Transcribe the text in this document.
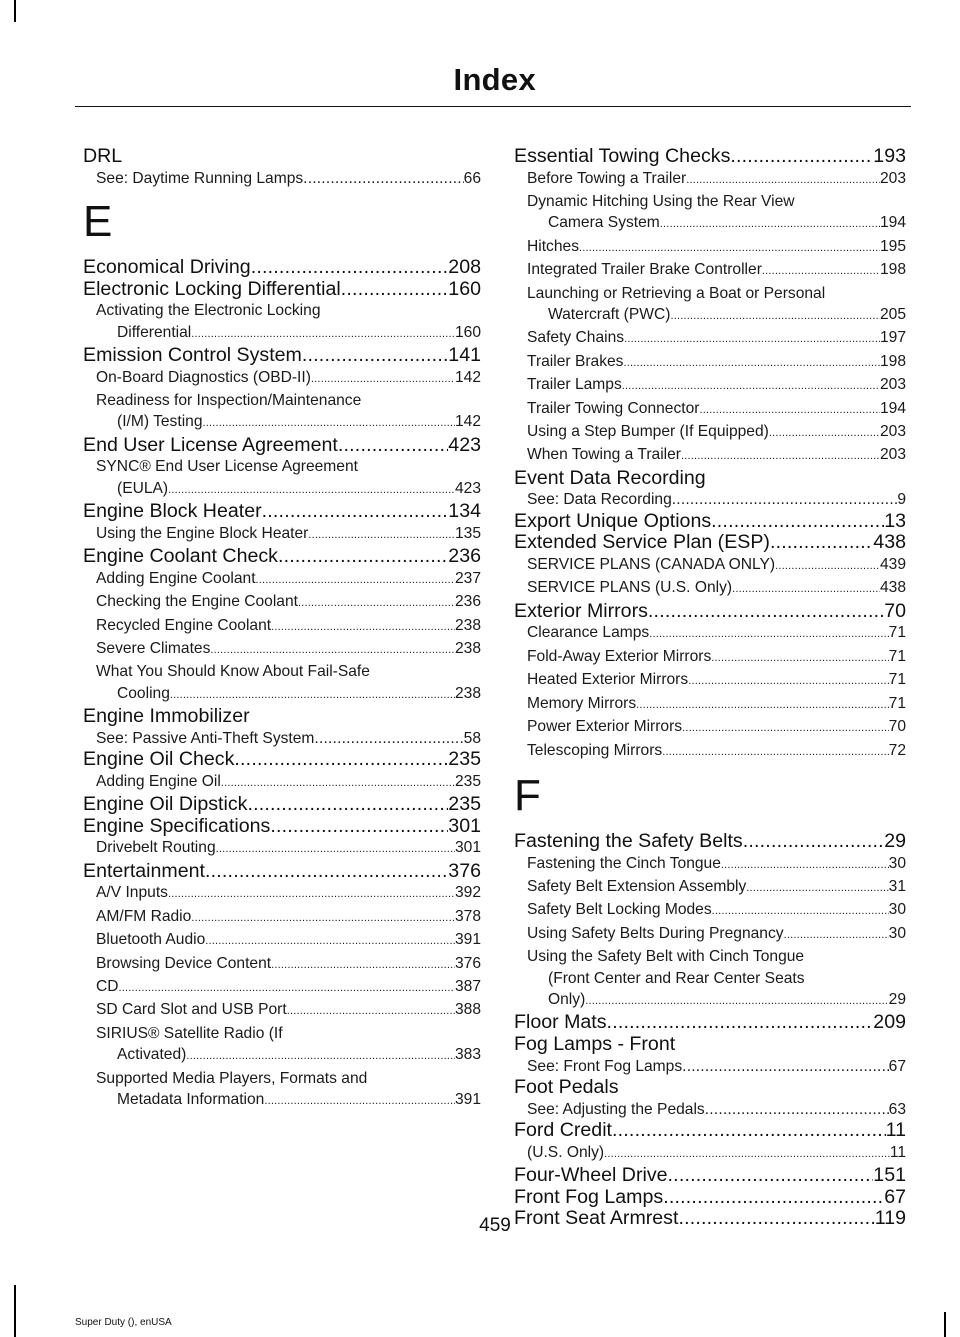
Index
DRL
See: Daytime Running Lamps .....	66
E
Economical Driving .....	208
Electronic Locking Differential .....	160
Activating the Electronic Locking
Differential .....	160
Emission Control System .....	141
On-Board Diagnostics (OBD-II) .....	142
Readiness for Inspection/Maintenance
(I/M) Testing .....	142
End User License Agreement .....	423
SYNC® End User License Agreement
(EULA) .....	423
Engine Block Heater .....	134
Using the Engine Block Heater .....	135
Engine Coolant Check .....	236
Adding Engine Coolant .....	237
Checking the Engine Coolant .....	236
Recycled Engine Coolant .....	238
Severe Climates .....	238
What You Should Know About Fail-Safe
Cooling .....	238
Engine Immobilizer
See: Passive Anti-Theft System .....	58
Engine Oil Check .....	235
Adding Engine Oil .....	235
Engine Oil Dipstick .....	235
Engine Specifications .....	301
Drivebelt Routing .....	301
Entertainment .....	376
A/V Inputs .....	392
AM/FM Radio .....	378
Bluetooth Audio .....	391
Browsing Device Content .....	376
CD .....	387
SD Card Slot and USB Port .....	388
SIRIUS® Satellite Radio (If
Activated) .....	383
Supported Media Players, Formats and
Metadata Information .....	391
Essential Towing Checks .....	193
Before Towing a Trailer .....	203
Dynamic Hitching Using the Rear View
Camera System .....	194
Hitches .....	195
Integrated Trailer Brake Controller .....	198
Launching or Retrieving a Boat or Personal
Watercraft (PWC) .....	205
Safety Chains .....	197
Trailer Brakes .....	198
Trailer Lamps .....	203
Trailer Towing Connector .....	194
Using a Step Bumper (If Equipped) .....	203
When Towing a Trailer .....	203
Event Data Recording
See: Data Recording .....	9
Export Unique Options .....	13
Extended Service Plan (ESP) .....	438
SERVICE PLANS (CANADA ONLY) .....	439
SERVICE PLANS (U.S. Only) .....	438
Exterior Mirrors .....	70
Clearance Lamps .....	71
Fold-Away Exterior Mirrors .....	71
Heated Exterior Mirrors .....	71
Memory Mirrors .....	71
Power Exterior Mirrors .....	70
Telescoping Mirrors .....	72
F
Fastening the Safety Belts .....	29
Fastening the Cinch Tongue .....	30
Safety Belt Extension Assembly .....	31
Safety Belt Locking Modes .....	30
Using Safety Belts During Pregnancy .....	30
Using the Safety Belt with Cinch Tongue
(Front Center and Rear Center Seats
Only) .....	29
Floor Mats .....	209
Fog Lamps - Front
See: Front Fog Lamps .....	67
Foot Pedals
See: Adjusting the Pedals .....	63
Ford Credit .....	11
(U.S. Only) .....	11
Four-Wheel Drive .....	151
Front Fog Lamps .....	67
Front Seat Armrest .....	119
459
Super Duty (), enUSA
